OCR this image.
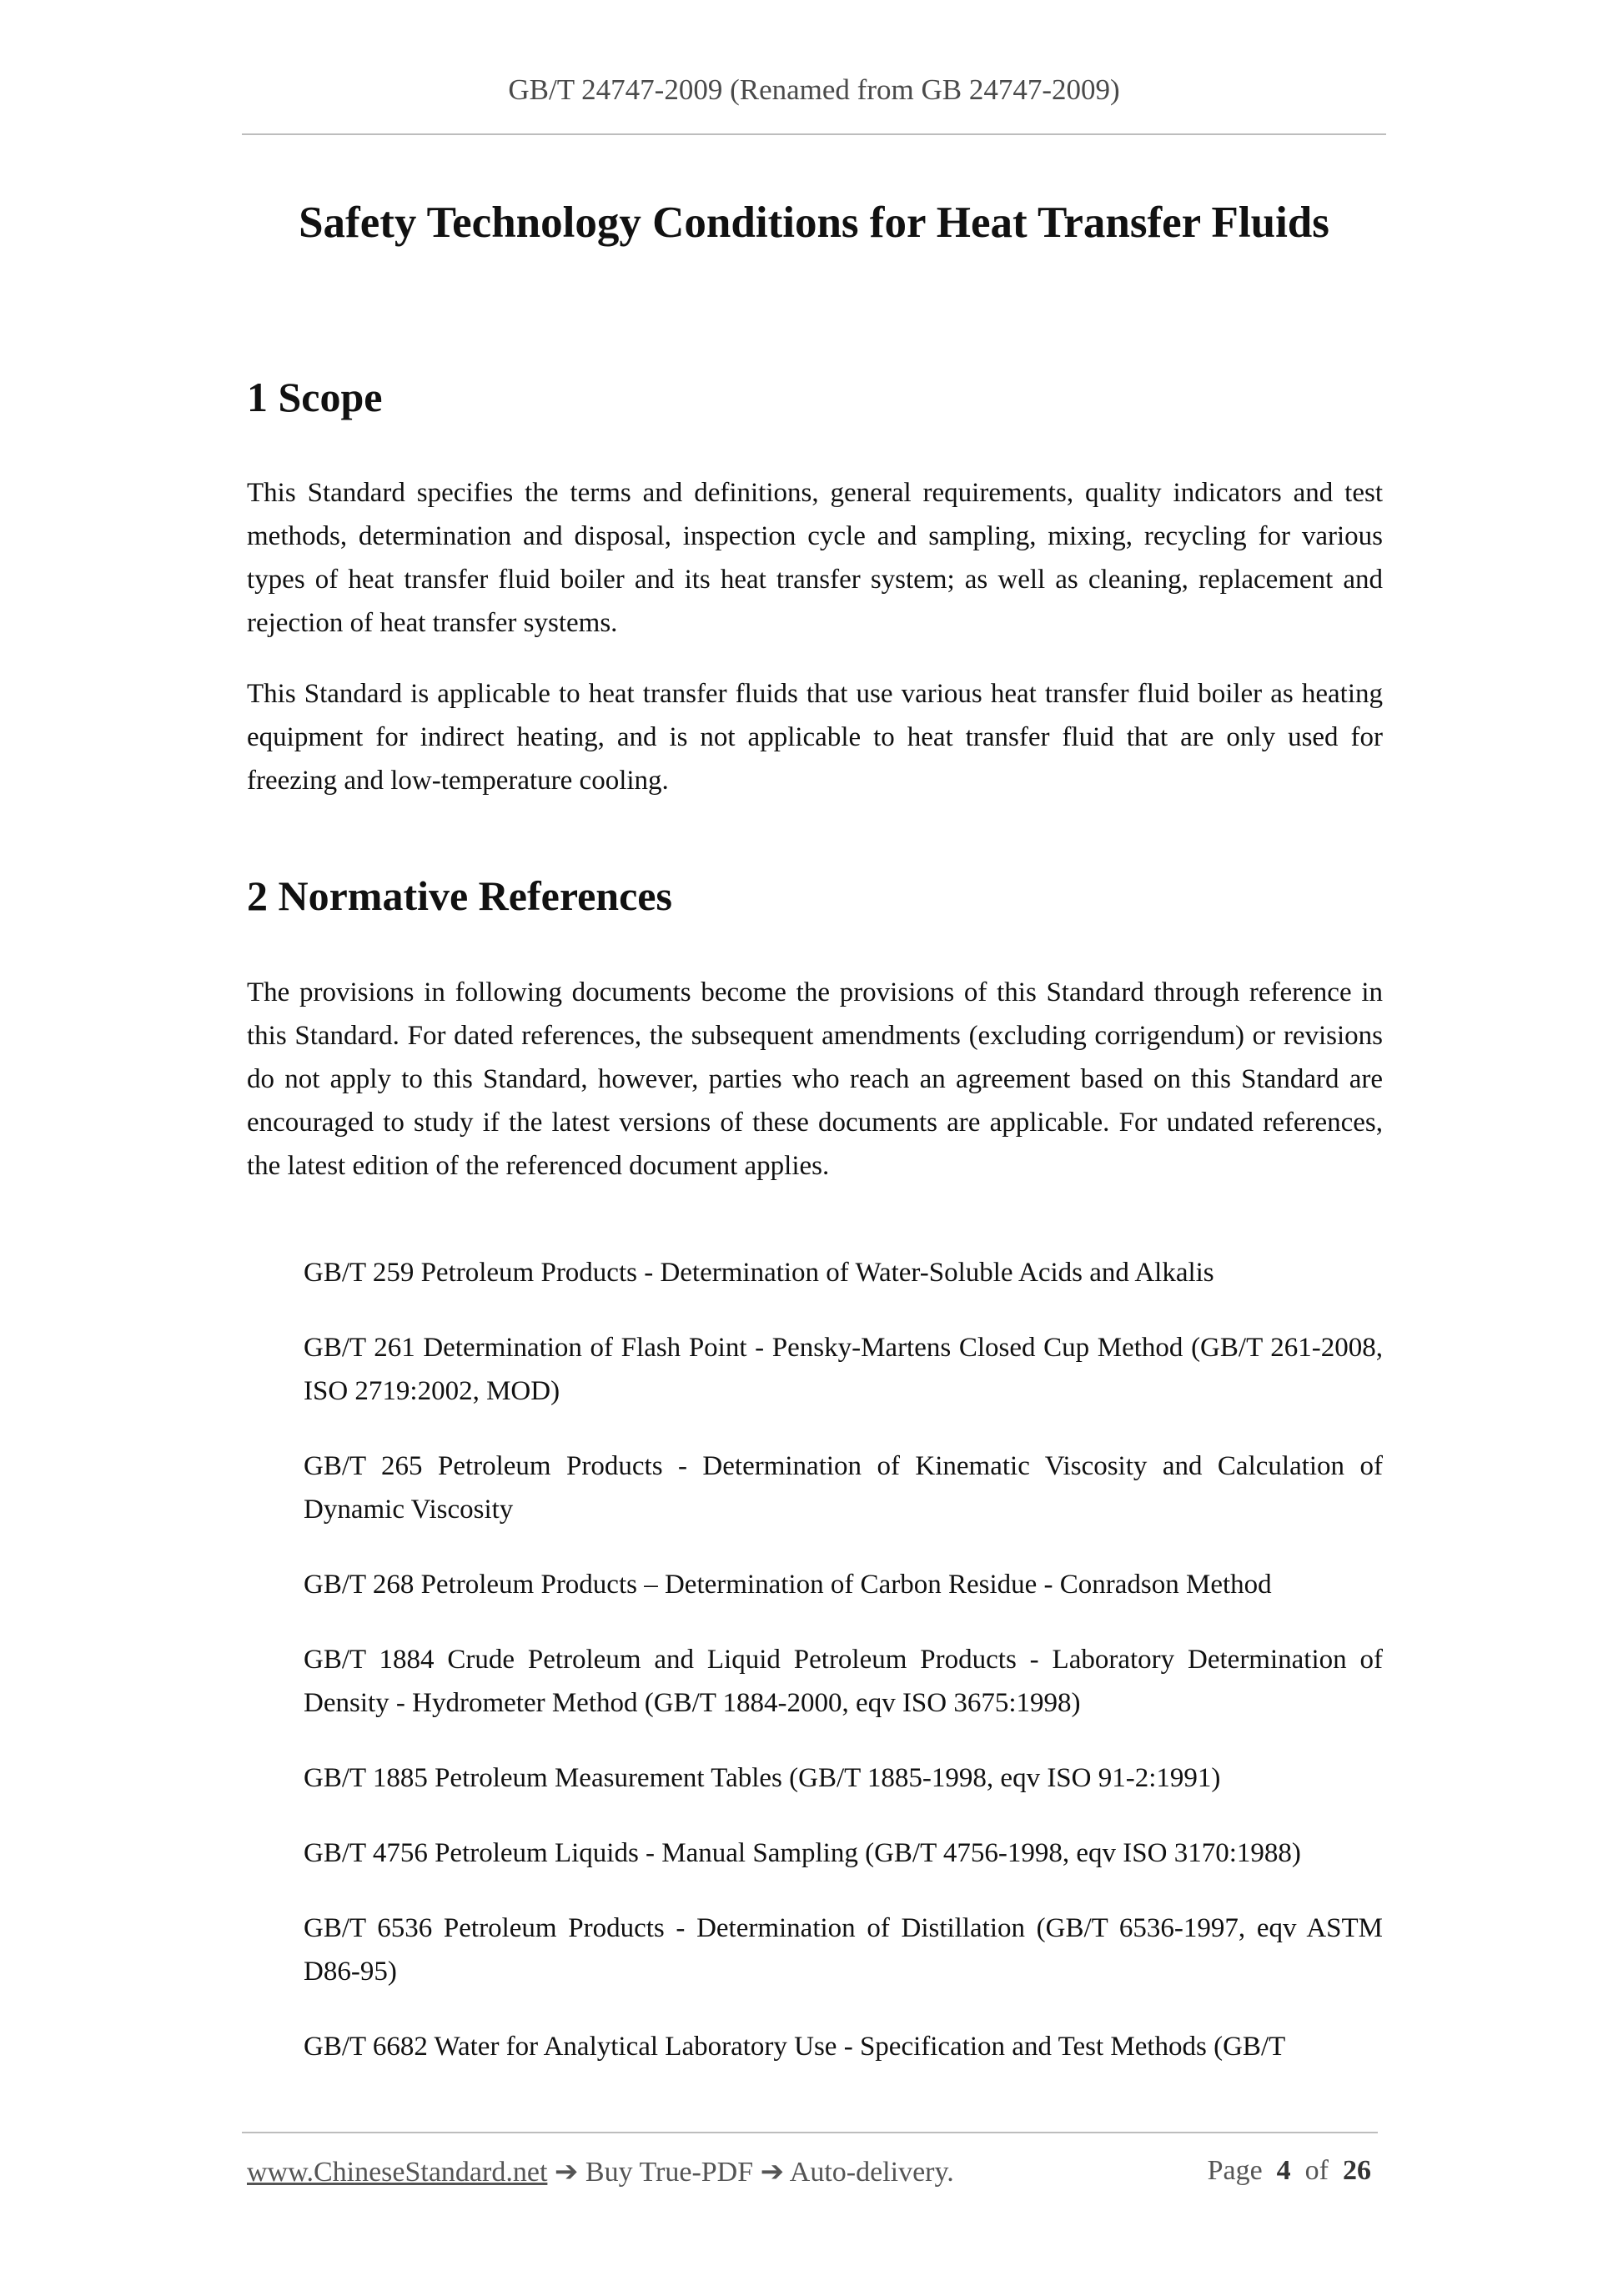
GB/T 24747-2009 (Renamed from GB 24747-2009)
Safety Technology Conditions for Heat Transfer Fluids
1 Scope

This Standard specifies the terms and definitions, general requirements, quality indicators and test methods, determination and disposal, inspection cycle and sampling, mixing, recycling for various types of heat transfer fluid boiler and its heat transfer system; as well as cleaning, replacement and rejection of heat transfer systems.

This Standard is applicable to heat transfer fluids that use various heat transfer fluid boiler as heating equipment for indirect heating, and is not applicable to heat transfer fluid that are only used for freezing and low-temperature cooling.

2 Normative References

The provisions in following documents become the provisions of this Standard through reference in this Standard. For dated references, the subsequent amendments (excluding corrigendum) or revisions do not apply to this Standard, however, parties who reach an agreement based on this Standard are encouraged to study if the latest versions of these documents are applicable. For undated references, the latest edition of the referenced document applies.

GB/T 259 Petroleum Products - Determination of Water-Soluble Acids and Alkalis
GB/T 261 Determination of Flash Point - Pensky-Martens Closed Cup Method (GB/T 261-2008, ISO 2719:2002, MOD)
GB/T 265 Petroleum Products - Determination of Kinematic Viscosity and Calculation of Dynamic Viscosity
GB/T 268 Petroleum Products – Determination of Carbon Residue - Conradson Method
GB/T 1884 Crude Petroleum and Liquid Petroleum Products - Laboratory Determination of Density - Hydrometer Method (GB/T 1884-2000, eqv ISO 3675:1998)
GB/T 1885 Petroleum Measurement Tables (GB/T 1885-1998, eqv ISO 91-2:1991)
GB/T 4756 Petroleum Liquids - Manual Sampling (GB/T 4756-1998, eqv ISO 3170:1988)
GB/T 6536 Petroleum Products - Determination of Distillation (GB/T 6536-1997, eqv ASTM D86-95)
GB/T 6682 Water for Analytical Laboratory Use - Specification and Test Methods (GB/T
www.ChineseStandard.net ➔ Buy True-PDF ➔ Auto-delivery.	Page 4 of 26
